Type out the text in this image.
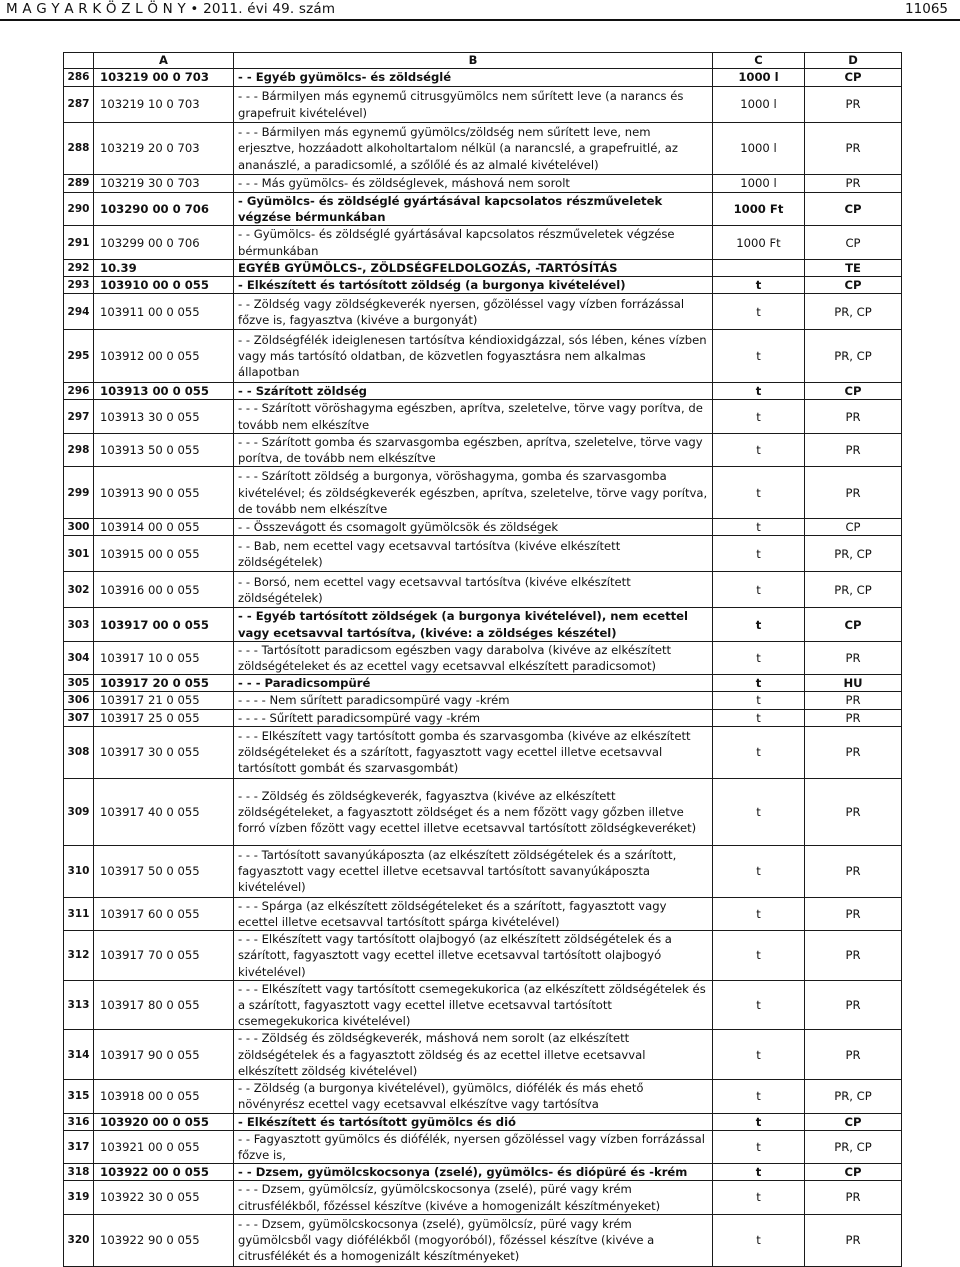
M A G Y A R K Ö Z L Ö N Y • 2011. évi 49. szám	11065
	A	B	C	D
286	103219 00 0 703	- - Egyéb gyümölcs- és zöldséglé	1000 l	CP
287	103219 10 0 703	- - - Bármilyen más egynemű citrusgyümölcs nem sűrített leve (a narancs és grapefruit kivételével)	1000 l	PR
288	103219 20 0 703	- - - Bármilyen más egynemű gyümölcs/zöldség nem sűrített leve, nem erjesztve, hozzáadott alkoholtartalom nélkül (a narancslé, a grapefruitlé, az ananászlé, a paradicsomlé, a szőlőlé és az almalé kivételével)	1000 l	PR
289	103219 30 0 703	- - - Más gyümölcs- és zöldséglevek, máshová nem sorolt	1000 l	PR
290	103290 00 0 706	- Gyümölcs- és zöldséglé gyártásával kapcsolatos részműveletek végzése bérmunkában	1000 Ft	CP
291	103299 00 0 706	- - Gyümölcs- és zöldséglé gyártásával kapcsolatos részműveletek végzése bérmunkában	1000 Ft	CP
292	10.39	EGYÉB GYÜMÖLCS-, ZÖLDSÉGFELDOLGOZÁS, -TARTÓSÍTÁS		TE
293	103910 00 0 055	- Elkészített és tartósított zöldség (a burgonya kivételével)	t	CP
294	103911 00 0 055	- - Zöldség vagy zöldségkeverék nyersen, gőzöléssel vagy vízben forrázással főzve is, fagyasztva (kivéve a burgonyát)	t	PR, CP
295	103912 00 0 055	- - Zöldségfélék ideiglenesen tartósítva kéndioxidgázzal, sós lében, kénes vízben vagy más tartósító oldatban, de közvetlen fogyasztásra nem alkalmas állapotban	t	PR, CP
296	103913 00 0 055	- - Szárított zöldség	t	CP
297	103913 30 0 055	- - - Szárított vöröshagyma egészben, aprítva, szeletelve, törve vagy porítva, de tovább nem elkészítve	t	PR
298	103913 50 0 055	- - - Szárított gomba és szarvasgomba egészben, aprítva, szeletelve, törve vagy porítva, de tovább nem elkészítve	t	PR
299	103913 90 0 055	- - - Szárított zöldség a burgonya, vöröshagyma, gomba és szarvasgomba kivételével; és zöldségkeverék egészben, aprítva, szeletelve, törve vagy porítva, de tovább nem elkészítve	t	PR
300	103914 00 0 055	- - Összevágott és csomagolt gyümölcsök és zöldségek	t	CP
301	103915 00 0 055	- - Bab, nem ecettel vagy ecetsavval tartósítva (kivéve elkészített zöldségételek)	t	PR, CP
302	103916 00 0 055	- - Borsó, nem ecettel vagy ecetsavval tartósítva (kivéve elkészített zöldségételek)	t	PR, CP
303	103917 00 0 055	- - Egyéb tartósított zöldségek (a burgonya kivételével), nem ecettel vagy ecetsavval tartósítva, (kivéve: a zöldséges készétel)	t	CP
304	103917 10 0 055	- - - Tartósított paradicsom egészben vagy darabolva (kivéve az elkészített zöldségételeket és az ecettel vagy ecetsavval elkészített paradicsomot)	t	PR
305	103917 20 0 055	- - - Paradicsompüré	t	HU
306	103917 21 0 055	- - - - Nem sűrített paradicsompüré vagy -krém	t	PR
307	103917 25 0 055	- - - - Sűrített paradicsompüré vagy -krém	t	PR
308	103917 30 0 055	- - - Elkészített vagy tartósított gomba és szarvasgomba (kivéve az elkészített zöldségételeket és a szárított, fagyasztott vagy ecettel illetve ecetsavval tartósított gombát és szarvasgombát)	t	PR
309	103917 40 0 055	- - - Zöldség és zöldségkeverék, fagyasztva (kivéve az elkészített zöldségételeket, a fagyasztott zöldséget és a nem főzött vagy gőzben illetve forró vízben főzött vagy ecettel illetve ecetsavval tartósított zöldségkeveréket)	t	PR
310	103917 50 0 055	- - - Tartósított savanyúkáposzta (az elkészített zöldségételek és a szárított, fagyasztott vagy ecettel illetve ecetsavval tartósított savanyúkáposzta kivételével)	t	PR
311	103917 60 0 055	- - - Spárga (az elkészített zöldségételeket és a szárított, fagyasztott vagy ecettel illetve ecetsavval tartósított spárga kivételével)	t	PR
312	103917 70 0 055	- - - Elkészített vagy tartósított olajbogyó (az elkészített zöldségételek és a szárított, fagyasztott vagy ecettel illetve ecetsavval tartósított olajbogyó kivételével)	t	PR
313	103917 80 0 055	- - - Elkészített vagy tartósított csemegekukorica (az elkészített zöldségételek és a szárított, fagyasztott vagy ecettel illetve ecetsavval tartósított csemegekukorica kivételével)	t	PR
314	103917 90 0 055	- - - Zöldség és zöldségkeverék, máshová nem sorolt (az elkészített zöldségételek és a fagyasztott zöldség és az ecettel illetve ecetsavval elkészített zöldség kivételével)	t	PR
315	103918 00 0 055	- - Zöldség (a burgonya kivételével), gyümölcs, diófélék és más ehető növényrész ecettel vagy ecetsavval elkészítve vagy tartósítva	t	PR, CP
316	103920 00 0 055	- Elkészített és tartósított gyümölcs és dió	t	CP
317	103921 00 0 055	- - Fagyasztott gyümölcs és diófélék, nyersen gőzöléssel vagy vízben forrázással főzve is,	t	PR, CP
318	103922 00 0 055	- - Dzsem, gyümölcskocsonya (zselé), gyümölcs- és diópüré és -krém	t	CP
319	103922 30 0 055	- - - Dzsem, gyümölcsíz, gyümölcskocsonya (zselé), püré vagy krém citrusfélékből, főzéssel készítve (kivéve a homogenizált készítményeket)	t	PR
320	103922 90 0 055	- - - Dzsem, gyümölcskocsonya (zselé), gyümölcsíz, püré vagy krém gyümölcsből vagy diófélékből (mogyoróból), főzéssel készítve (kivéve a citrusfélékét és a homogenizált készítményeket)	t	PR
